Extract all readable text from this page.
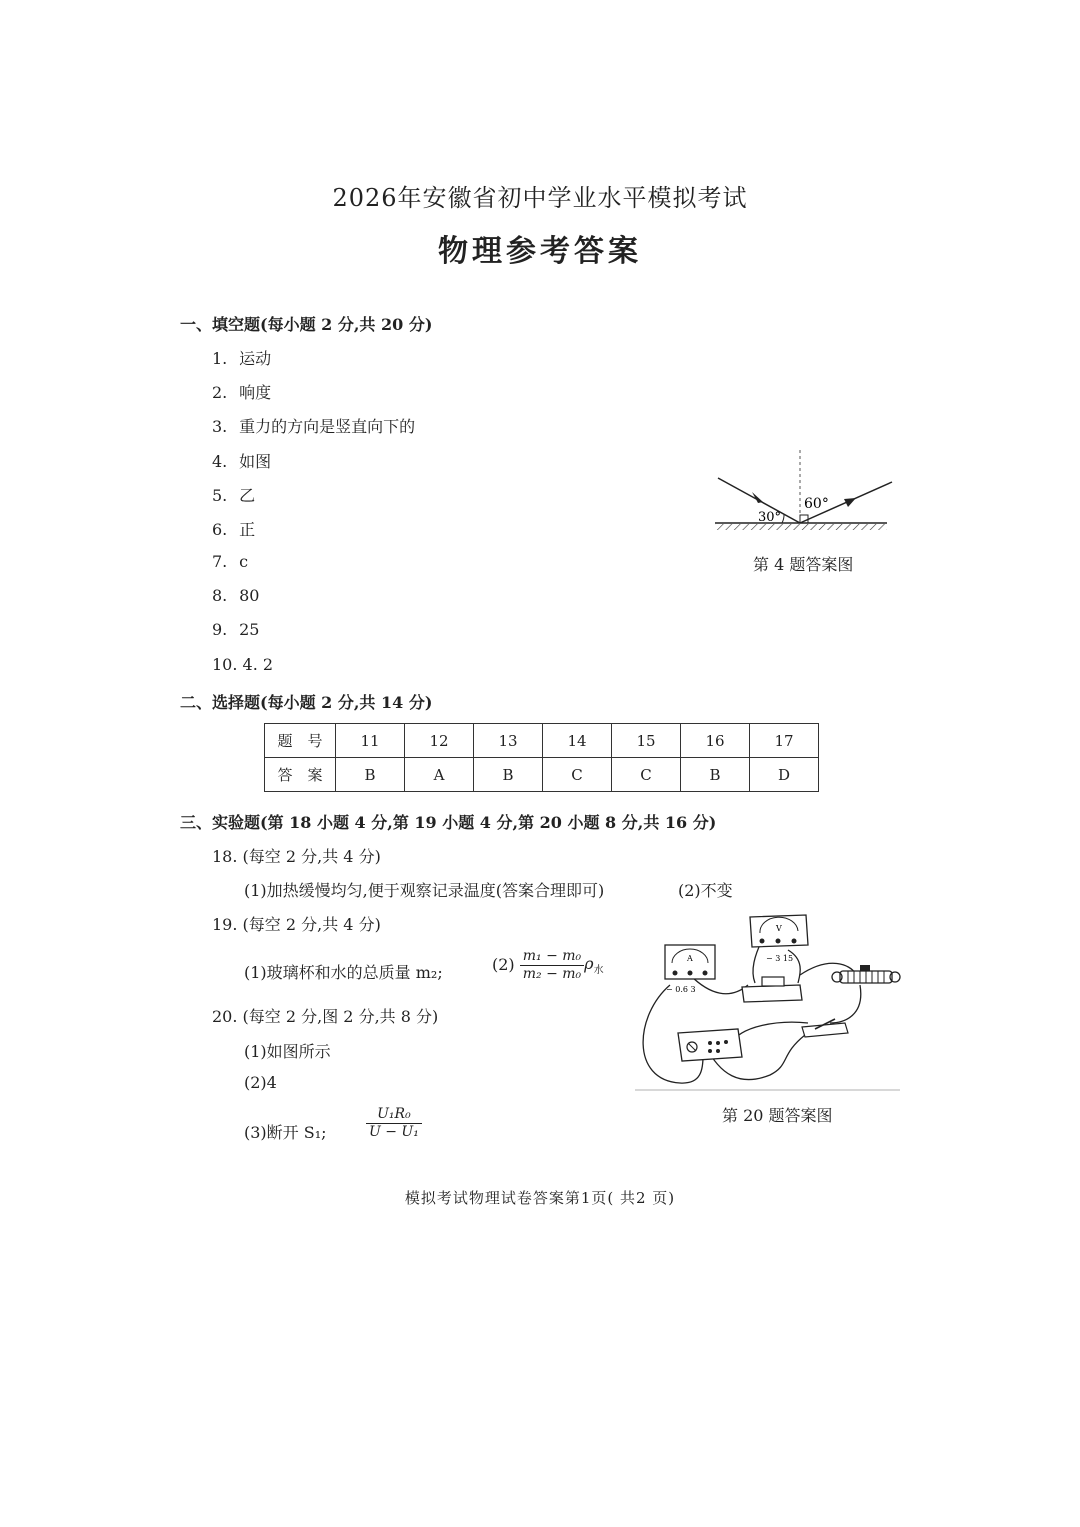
2026年安徽省初中学业水平模拟考试
物理参考答案
一、填空题(每小题 2 分,共 20 分)
1. 运动
2. 响度
3. 重力的方向是竖直向下的
4. 如图
5. 乙
6. 正
7. c
8. 80
9. 25
10. 4. 2
30°
60°
第 4 题答案图
二、选择题(每小题 2 分,共 14 分)
题　号	11	12	13	14	15	16	17
答　案	B	A	B	C	C	B	D
三、实验题(第 18 小题 4 分,第 19 小题 4 分,第 20 小题 8 分,共 16 分)
18. (每空 2 分,共 4 分)
(1)加热缓慢均匀,便于观察记录温度(答案合理即可)	(2)不变
19. (每空 2 分,共 4 分)
(1)玻璃杯和水的总质量 m₂;	$(2) \frac{\text{m₁ − m₀}}{\text{m₂ − m₀}} \rho_水$
20. (每空 2 分,图 2 分,共 8 分)
(1)如图所示
(2)4
(3)断开 S₁;	$\frac{\text{U₁R₀}}{\text{U − U₁}}$
A
− 0.6 3
V
− 3 15
第 20 题答案图
模拟考试物理试卷答案第1页( 共2 页)
